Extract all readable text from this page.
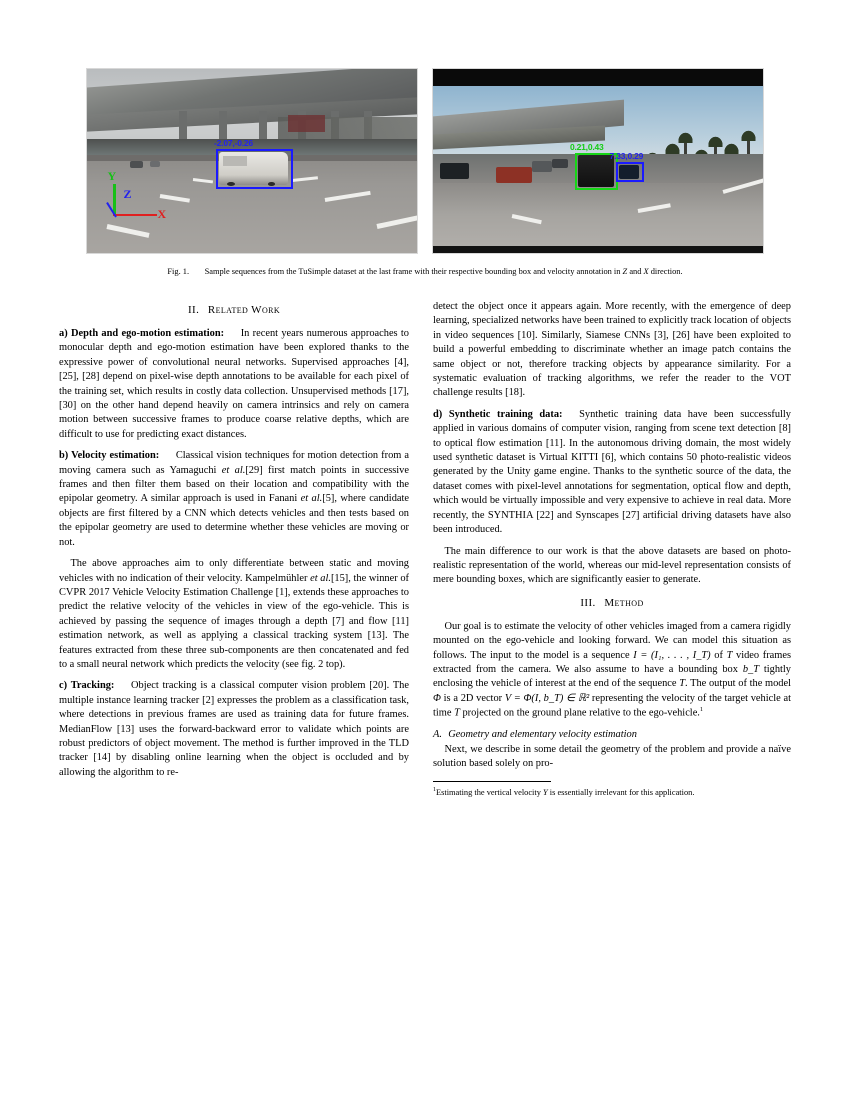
-2.07,-0.26
Y
Z
X
0.21,0.43
7.33,0.29
Fig. 1. Sample sequences from the TuSimple dataset at the last frame with their respective bounding box and velocity annotation in Z and X direction.
II. Related Work

a) Depth and ego-motion estimation: In recent years numerous approaches to monocular depth and ego-motion estimation have been explored thanks to the expressive power of convolutional neural networks. Supervised approaches [4], [25], [28] depend on pixel-wise depth annotations to be available for each pixel of the training set, which results in costly data collection. Unsupervised methods [17], [30] on the other hand depend heavily on camera intrinsics and rely on camera motion between successive frames to produce coarse relative depths, which are difficult to use for predicting exact distances.

b) Velocity estimation: Classical vision techniques for motion detection from a moving camera such as Yamaguchi et al.[29] first match points in successive frames and then filter them based on their location and compatibility with the epipolar geometry. A similar approach is used in Fanani et al.[5], where candidate objects are first filtered by a CNN which detects vehicles and then tests based on the epipolar geometry are used to determine whether these vehicles are moving or not.

The above approaches aim to only differentiate between static and moving vehicles with no indication of their velocity. Kampelmühler et al.[15], the winner of CVPR 2017 Vehicle Velocity Estimation Challenge [1], extends these approaches to predict the relative velocity of the vehicles in view of the ego-vehicle. This is achieved by passing the sequence of images through a depth [7] and flow [11] estimation network, as well as applying a classical tracking system [13]. The features extracted from these three sub-components are then concatenated and fed to a small neural network which predicts the velocity (see fig. 2 top).

c) Tracking: Object tracking is a classical computer vision problem [20]. The multiple instance learning tracker [2] expresses the problem as a classification task, where detections in previous frames are used as training data for future frames. MedianFlow [13] uses the forward-backward error to validate which points are robust predictors of object movement. The method is further improved in the TLD tracker [14] by disabling online learning when the object is occluded and by allowing the algorithm to re-

detect the object once it appears again. More recently, with the emergence of deep learning, specialized networks have been trained to explicitly track location of objects in video sequences [10]. Similarly, Siamese CNNs [3], [26] have been exploited to build a powerful embedding to discriminate whether an image patch contains the same object or not, therefore tracking objects by appearance similarity. For a systematic evaluation of tracking algorithms, we refer the reader to the VOT challenge results [18].

d) Synthetic training data: Synthetic training data have been successfully applied in various domains of computer vision, ranging from scene text detection [8] to optical flow estimation [11]. In the autonomous driving domain, the most widely used synthetic dataset is Virtual KITTI [6], which contains 50 photo-realistic videos generated by the Unity game engine. Thanks to the synthetic source of the data, the dataset comes with pixel-level annotations for segmentation, optical flow and depth, which would be virtually impossible and very expensive to achieve in real data. More recently, the SYNTHIA [22] and Synscapes [27] artificial driving datasets have also been introduced.

The main difference to our work is that the above datasets are based on photo-realistic representation of the world, whereas our mid-level representation consists of mere bounding boxes, which are significantly easier to generate.

III. Method

Our goal is to estimate the velocity of other vehicles imaged from a camera rigidly mounted on the ego-vehicle and looking forward. We can model this situation as follows. The input to the model is a sequence I = (I₁, . . . , I_T) of T video frames extracted from the camera. We also assume to have a bounding box b_T tightly enclosing the vehicle of interest at the end of the sequence T. The output of the model Φ is a 2D vector V = Φ(I, b_T) ∈ ℝ² representing the velocity of the target vehicle at time T projected on the ground plane relative to the ego-vehicle.$^1$

A. Geometry and elementary velocity estimation

Next, we describe in some detail the geometry of the problem and provide a naïve solution based solely on pro-

$^1$Estimating the vertical velocity Y is essentially irrelevant for this application.
